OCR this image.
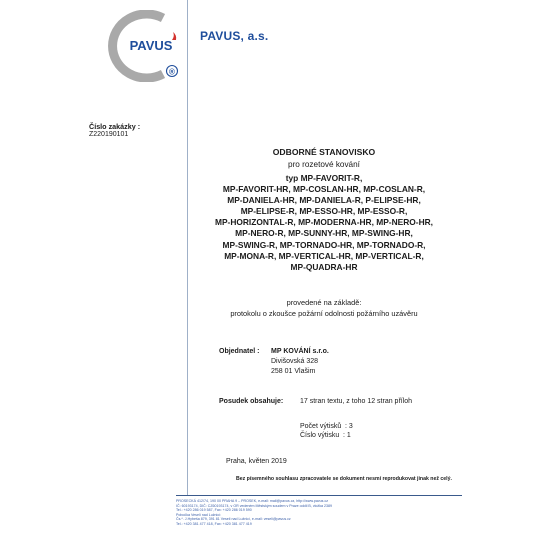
PAVUS
®
PAVUS, a.s.
Číslo zakázky :
Z220190101
ODBORNÉ STANOVISKO
pro rozetové kování
typ MP-FAVORIT-R,
MP-FAVORIT-HR, MP-COSLAN-HR, MP-COSLAN-R,
MP-DANIELA-HR, MP-DANIELA-R, P-ELIPSE-HR,
MP-ELIPSE-R, MP-ESSO-HR, MP-ESSO-R,
MP-HORIZONTAL-R, MP-MODERNA-HR, MP-NERO-HR,
MP-NERO-R, MP-SUNNY-HR, MP-SWING-HR,
MP-SWING-R, MP-TORNADO-HR, MP-TORNADO-R,
MP-MONA-R, MP-VERTICAL-HR, MP-VERTICAL-R,
MP-QUADRA-HR
provedené na základě:
protokolu o zkoušce požární odolnosti požárního uzávěru
Objednatel : MP KOVÁNÍ s.r.o.
Divišovská 328
258 01 Vlašim
Posudek obsahuje: 17 stran textu, z toho 12 stran příloh
Počet výtisků : 3
Číslo výtisku : 1
Praha, květen 2019
Bez písemného souhlasu zpracovatele se dokument nesmí reprodukovat jinak než celý.
PROSECKÁ 412/74, 190 00 PRAHA 9 – PROSEK, e-mail: mail@pavus.cz, http://www.pavus.cz
IČ: 60193174, DIČ: CZ60193174, v OR vedeném Městským soudem v Praze oddíl B, vložka 2389
Tel.: +420 286 019 587, Fax: +420 286 019 590
Pobočka Veselí nad Lužnicí:
Čs.*. J.Hybeša 879, 391 81 Veselí nad Lužnicí, e-mail: veseli@pavus.cz
Tel.: +420 381 477 418, Fax: +420 381 477 419
